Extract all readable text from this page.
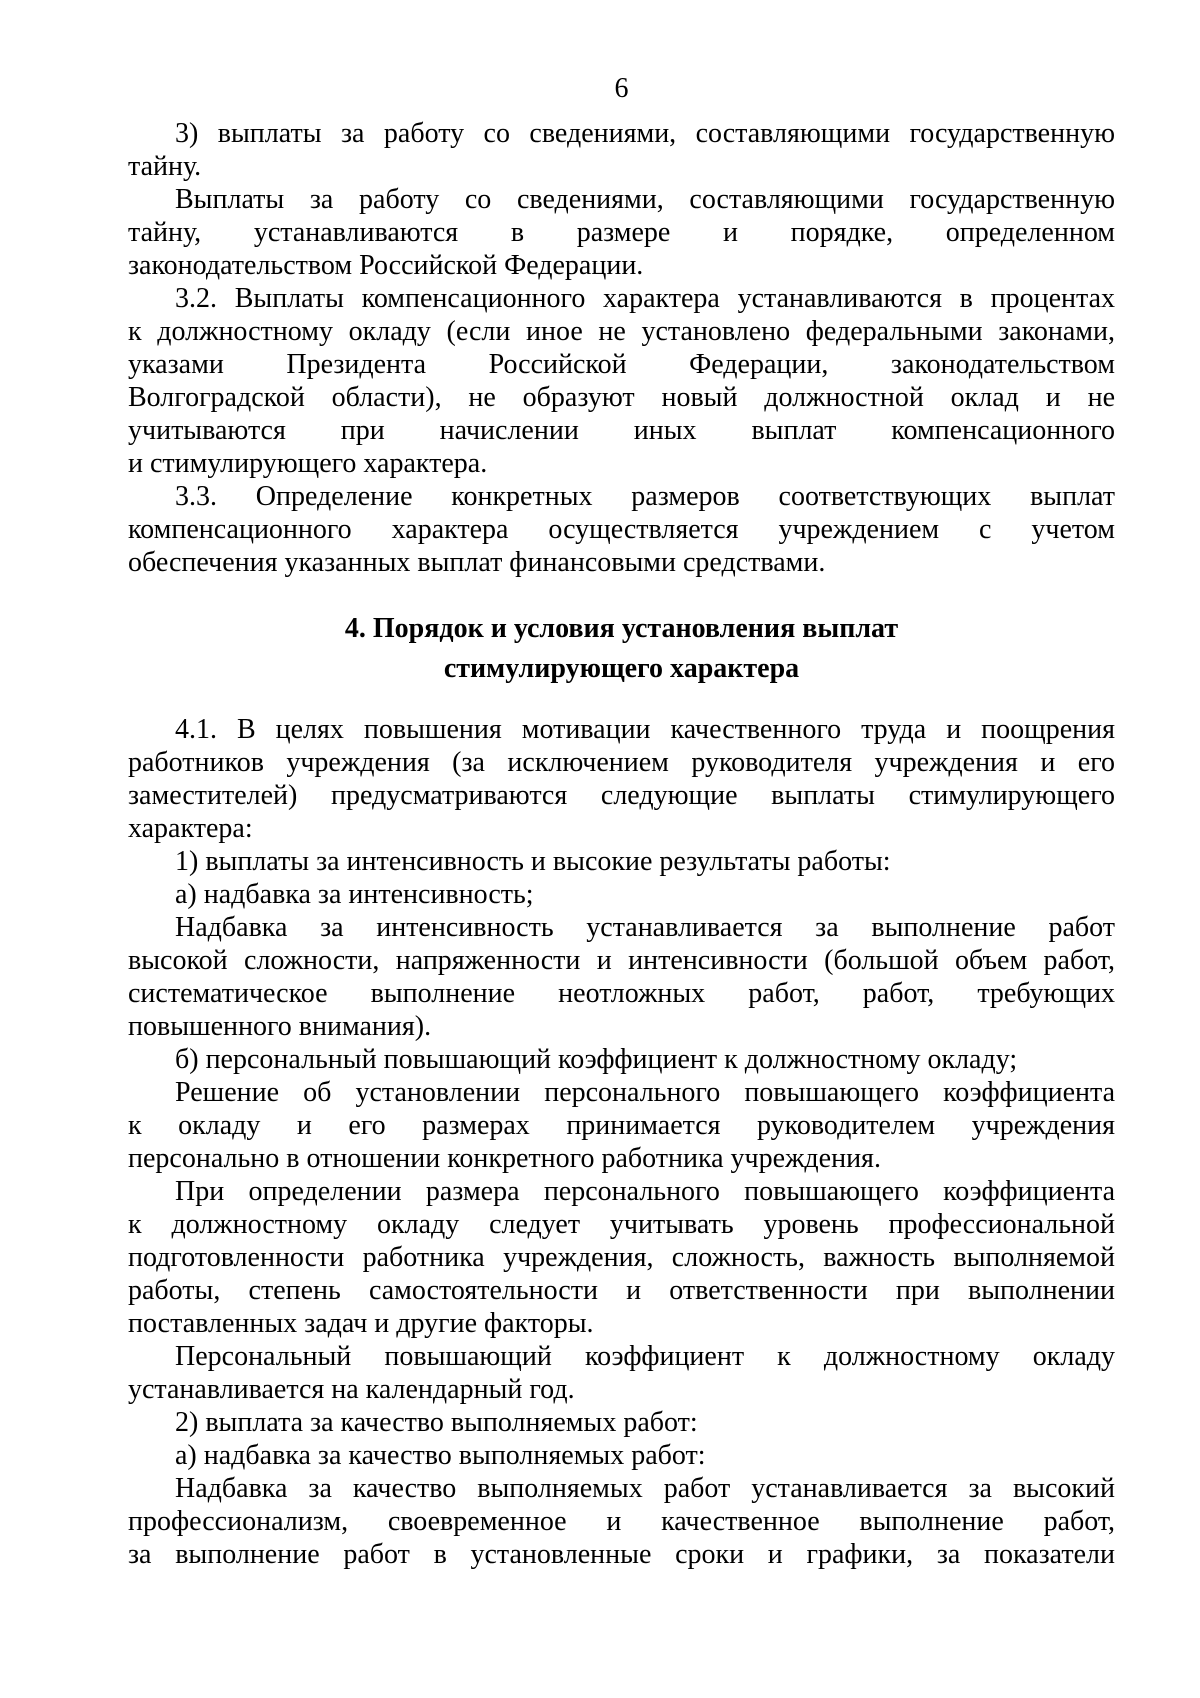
6
3) выплаты за работу со сведениями, составляющими государственную
тайну.
Выплаты за работу со сведениями, составляющими государственную
тайну, устанавливаются в размере и порядке, определенном
законодательством Российской Федерации.
3.2. Выплаты компенсационного характера устанавливаются в процентах
к должностному окладу (если иное не установлено федеральными законами,
указами Президента Российской Федерации, законодательством
Волгоградской области), не образуют новый должностной оклад и не
учитываются при начислении иных выплат компенсационного
и стимулирующего характера.
3.3. Определение конкретных размеров соответствующих выплат
компенсационного характера осуществляется учреждением с учетом
обеспечения указанных выплат финансовыми средствами.
4. Порядок и условия установления выплат
стимулирующего характера
4.1. В целях повышения мотивации качественного труда и поощрения
работников учреждения (за исключением руководителя учреждения и его
заместителей) предусматриваются следующие выплаты стимулирующего
характера:
1) выплаты за интенсивность и высокие результаты работы:
а) надбавка за интенсивность;
Надбавка за интенсивность устанавливается за выполнение работ
высокой сложности, напряженности и интенсивности (большой объем работ,
систематическое выполнение неотложных работ, работ, требующих
повышенного внимания).
б) персональный повышающий коэффициент к должностному окладу;
Решение об установлении персонального повышающего коэффициента
к окладу и его размерах принимается руководителем учреждения
персонально в отношении конкретного работника учреждения.
При определении размера персонального повышающего коэффициента
к должностному окладу следует учитывать уровень профессиональной
подготовленности работника учреждения, сложность, важность выполняемой
работы, степень самостоятельности и ответственности при выполнении
поставленных задач и другие факторы.
Персональный повышающий коэффициент к должностному окладу
устанавливается на календарный год.
2) выплата за качество выполняемых работ:
а) надбавка за качество выполняемых работ:
Надбавка за качество выполняемых работ устанавливается за высокий
профессионализм, своевременное и качественное выполнение работ,
за выполнение работ в установленные сроки и графики, за показатели
